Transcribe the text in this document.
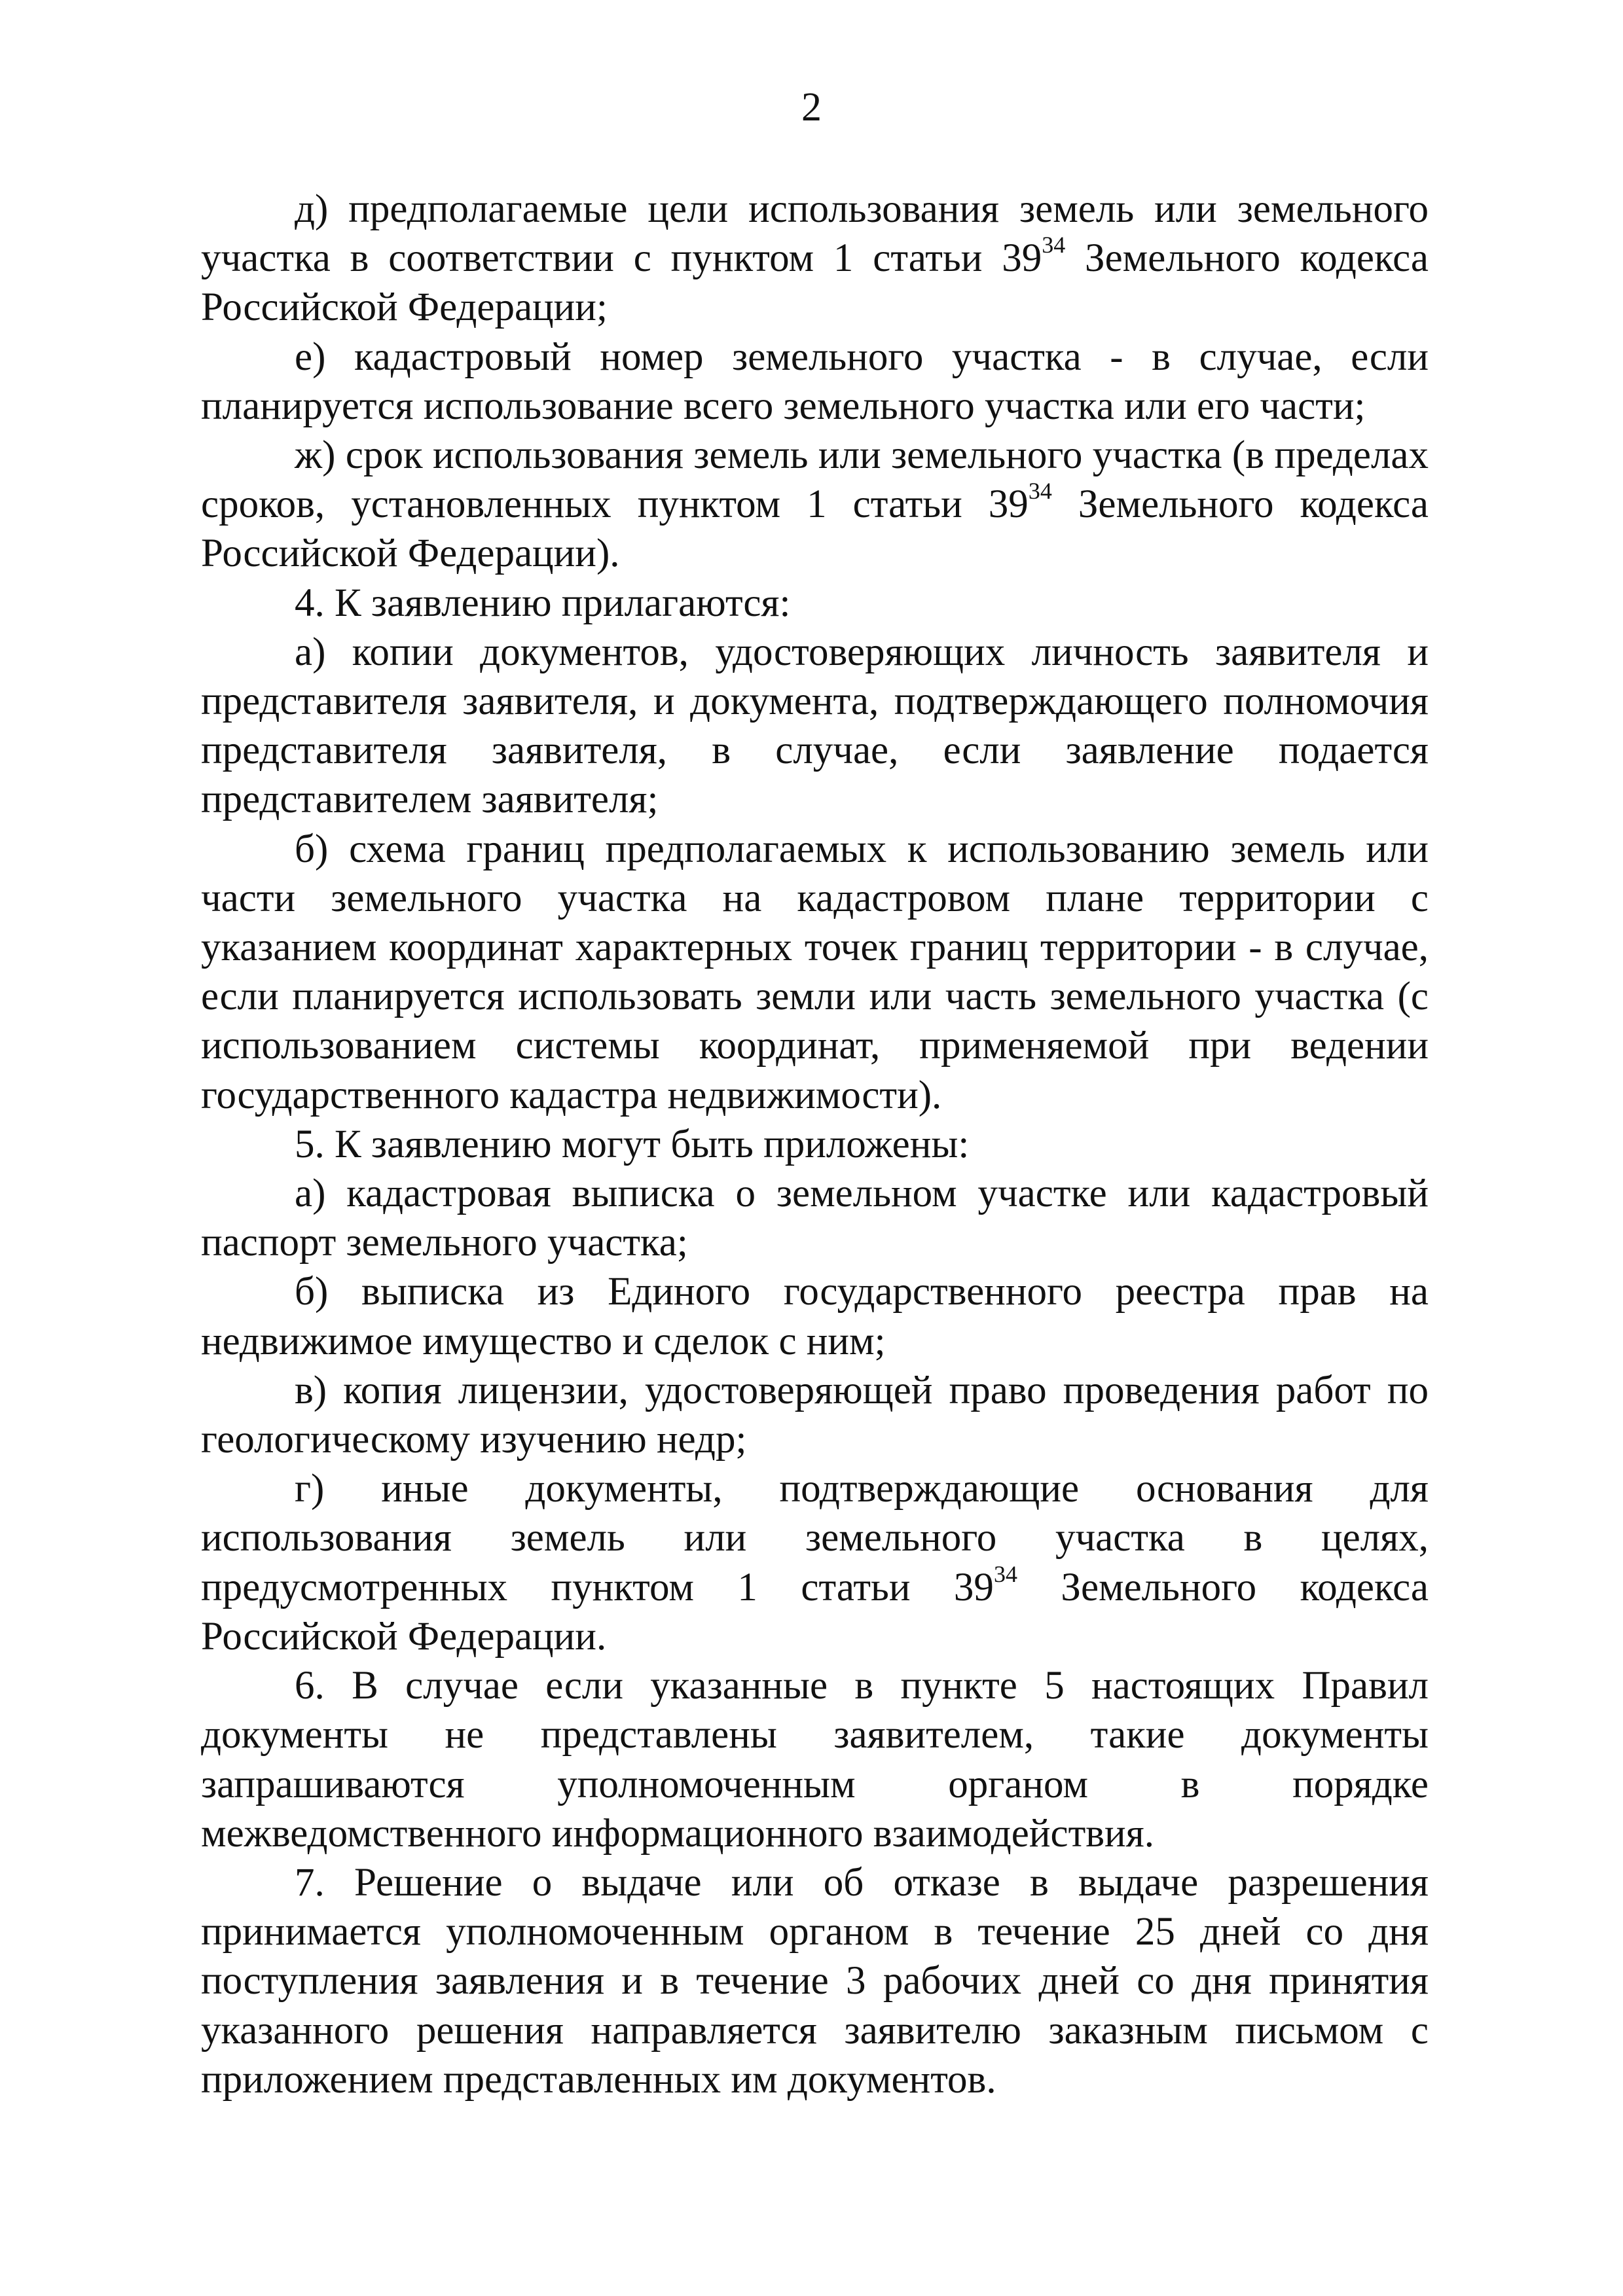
2

д) предполагаемые цели использования земель или земельного участка в соответствии с пунктом 1 статьи $39^{34}$ Земельного кодекса Российской Федерации;

е) кадастровый номер земельного участка - в случае, если планируется использование всего земельного участка или его части;

ж) срок использования земель или земельного участка (в пределах сроков, установленных пунктом 1 статьи $39^{34}$ Земельного кодекса Российской Федерации).

4. К заявлению прилагаются:

а) копии документов, удостоверяющих личность заявителя и представителя заявителя, и документа, подтверждающего полномочия представителя заявителя, в случае, если заявление подается представителем заявителя;

б) схема границ предполагаемых к использованию земель или части земельного участка на кадастровом плане территории с указанием координат характерных точек границ территории - в случае, если планируется использовать земли или часть земельного участка (с использованием системы координат, применяемой при ведении государственного кадастра недвижимости).

5. К заявлению могут быть приложены:

а) кадастровая выписка о земельном участке или кадастровый паспорт земельного участка;

б) выписка из Единого государственного реестра прав на недвижимое имущество и сделок с ним;

в) копия лицензии, удостоверяющей право проведения работ по геологическому изучению недр;

г) иные документы, подтверждающие основания для использования земель или земельного участка в целях, предусмотренных пунктом 1 статьи $39^{34}$ Земельного кодекса Российской Федерации.

6. В случае если указанные в пункте 5 настоящих Правил документы не представлены заявителем, такие документы запрашиваются уполномоченным органом в порядке межведомственного информационного взаимодействия.

7. Решение о выдаче или об отказе в выдаче разрешения принимается уполномоченным органом в течение 25 дней со дня поступления заявления и в течение 3 рабочих дней со дня принятия указанного решения направляется заявителю заказным письмом с приложением представленных им документов.
